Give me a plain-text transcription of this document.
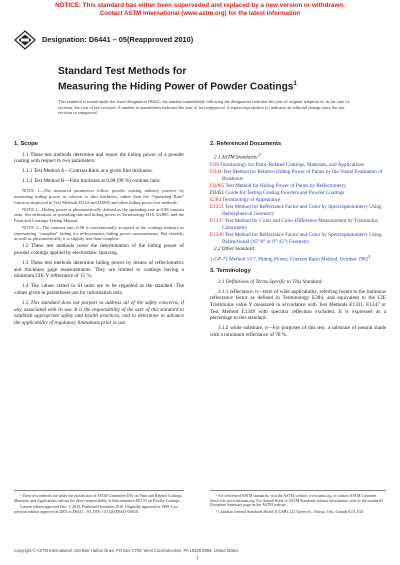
NOTICE: This standard has either been superseded and replaced by a new version or withdrawn.
Contact ASTM International (www.astm.org) for the latest information
Designation: D6441 – 05(Reapproved 2010)
Standard Test Methods for
Measuring the Hiding Power of Powder Coatings$^1$
This standard is issued under the fixed designation D6441; the number immediately following the designation indicates the year of original adoption or, in the case of revision, the year of last revision. A number in parentheses indicates the year of last reapproval. A superscript epsilon (ε) indicates an editorial change since the last revision or reapproval.
1. Scope

1.1 These test methods determine and report the hiding power of a powder coating with respect to two parameters:

1.1.1 Test Method A—Contrast Ratio at a given film thickness.

1.1.2 Test Method B—Film thickness at 0.98 (98 %) contrast ratio.

NOTE 1—The measured parameters follow powder coating industry practice by measuring hiding power in relation to film thickness, rather than the “Spreading Rate” function employed in Test Methods D344 and D2805 and other hiding power test methods.

NOTE 2—Hiding power is photometrically defined as the spreading rate at 0.98 contrast ratio. See definitions of spreading rate and hiding power in Terminology D16, D2805, and the Paint and Coatings Testing Manual.

NOTE 3—The contrast ratio 0.98 is conventionally accepted in the coatings industry as representing “complete” hiding for reflectometric hiding power measurements. But visually, as well as photometrically, it is slightly less than complete.

1.2 These test methods cover the determination of the hiding power of powder coatings applied by electrostatic spraying.

1.3 These test methods determine hiding power by means of reflectometric and thickness gage measurements. They are limited to coatings having a minimum CIE-Y reflectance of 15 %.

1.4 The values stated in SI units are to be regarded as the standard. The values given in parentheses are for information only.

1.5 This standard does not purport to address all of the safety concerns, if any, associated with its use. It is the responsibility of the user of this standard to establish appropriate safety and health practices, and to determine in advance the applicability of regulatory limitations prior to use.

2. Referenced Documents
2.1 ASTM Standards:$^2$
D16 Terminology for Paint, Related Coatings, Materials, and Applications
D344 Test Method for Relative Hiding Power of Paints by the Visual Evaluation of Brushouts
D2805 Test Method for Hiding Power of Paints by Reflectometry
D3451 Guide for Testing Coating Powders and Powder Coatings
E284 Terminology of Appearance
E1331 Test Method for Reflectance Factor and Color by Spectrophotometry Using Hemispherical Geometry
E1347 Test Method for Color and Color-Difference Measurement by Tristimulus Colorimetry
E1349 Test Method for Reflectance Factor and Color by Spectrophotometry Using Bidirectional (45°:0° or 0°:45°) Geometry
2.2 Other Standard:
1-GP-71 Method 14.7, Hiding Power, Contrast Ratio Method, October 1982$^3$
3. Terminology

3.1 Definitions of Terms Specific to This Standard:

3.1.1 reflectance, n—term of wide applicability, referring herein to the luminous reflectance factor as defined in Terminology E284, and equivalent to the CIE Tristimulus value Y measured in accordance with Test Methods E1331, E1347 or Test Method E1349 with specular reflection excluded. It is expressed as a percentage in this standard.

3.1.2 white substrate, n—For purposes of this test, a substrate of neutral shade with a minimum reflectance of 78 %.

¹ These test methods are under the jurisdiction of ASTM Committee D01 on Paint and Related Coatings, Materials, and Applications and are the direct responsibility of Subcommittee D01.51 on Powder Coatings.
Current edition approved Dec. 1, 2010. Published December 2010. Originally approved in 1999. Last previous edition approved in 2005 as D6441 – 05. DOI: 10.1520/D6441-05R10.
² For referenced ASTM standards, visit the ASTM website, www.astm.org, or contact ASTM Customer Service at service@astm.org. For Annual Book of ASTM Standards volume information, refer to the standard's Document Summary page on the ASTM website.
³ Canadian General Standards Board, (CGSB), 222 Queen St., Ottawa, Ont., Canada K1A 1G6.
Copyright © ASTM International, 100 Barr Harbor Drive, PO Box C700, West Conshohocken, PA 19428-2959. United States
1
